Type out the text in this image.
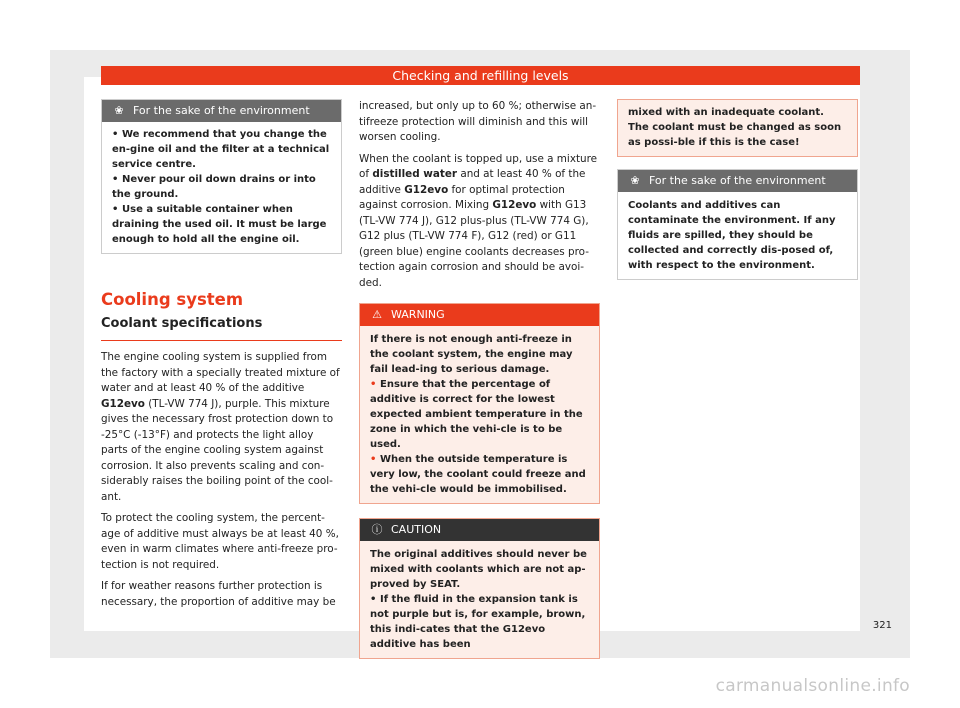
Checking and refilling levels
❀ For the sake of the environment
• We recommend that you change the en-gine oil and the filter at a technical service centre.
• Never pour oil down drains or into the ground.
• Use a suitable container when draining the used oil. It must be large enough to hold all the engine oil.
Cooling system
Coolant specifications

The engine cooling system is supplied from the factory with a specially treated mixture of water and at least 40 % of the additive G12evo (TL-VW 774 J), purple. This mixture gives the necessary frost protection down to -25°C (-13°F) and protects the light alloy parts of the engine cooling system against corrosion. It also prevents scaling and con-siderably raises the boiling point of the cool-ant.

To protect the cooling system, the percent-age of additive must always be at least 40 %, even in warm climates where anti-freeze pro-tection is not required.

If for weather reasons further protection is necessary, the proportion of additive may be

increased, but only up to 60 %; otherwise an-tifreeze protection will diminish and this will worsen cooling.

When the coolant is topped up, use a mixture of distilled water and at least 40 % of the additive G12evo for optimal protection against corrosion. Mixing G12evo with G13 (TL-VW 774 J), G12 plus-plus (TL-VW 774 G), G12 plus (TL-VW 774 F), G12 (red) or G11 (green blue) engine coolants decreases pro-tection again corrosion and should be avoi-ded.

⚠ WARNING
If there is not enough anti-freeze in the coolant system, the engine may fail lead-ing to serious damage.
• Ensure that the percentage of additive is correct for the lowest expected ambient temperature in the zone in which the vehi-cle is to be used.
• When the outside temperature is very low, the coolant could freeze and the vehi-cle would be immobilised.
ⓘ CAUTION
The original additives should never be mixed with coolants which are not ap-proved by SEAT.
• If the fluid in the expansion tank is not purple but is, for example, brown, this indi-cates that the G12evo additive has been
mixed with an inadequate coolant. The coolant must be changed as soon as possi-ble if this is the case!
❀ For the sake of the environment
Coolants and additives can contaminate the environment. If any fluids are spilled, they should be collected and correctly dis-posed of, with respect to the environment.
321
carmanualsonline.info
